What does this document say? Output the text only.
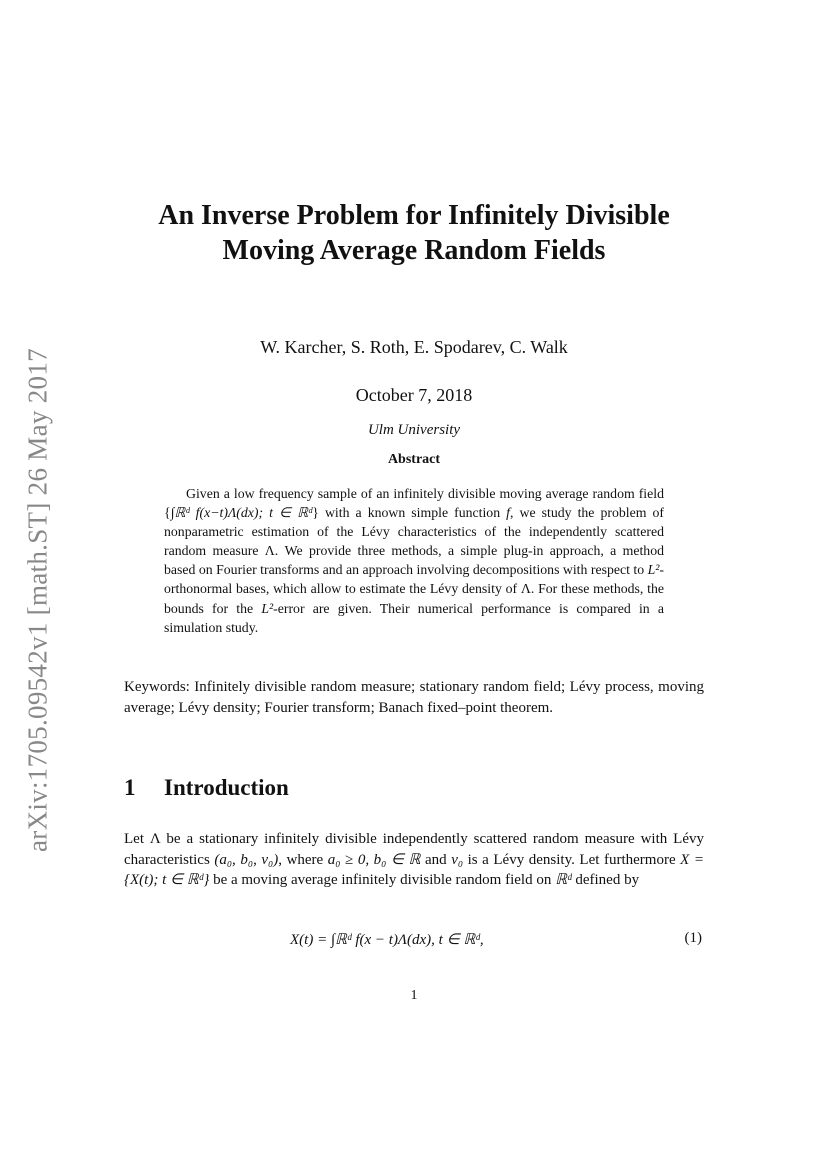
arXiv:1705.09542v1 [math.ST] 26 May 2017
An Inverse Problem for Infinitely Divisible Moving Average Random Fields
W. Karcher, S. Roth, E. Spodarev, C. Walk
October 7, 2018
Ulm University
Abstract
Given a low frequency sample of an infinitely divisible moving average random field {∫ℝᵈ f(x−t)Λ(dx); t ∈ ℝᵈ} with a known simple function f, we study the problem of nonparametric estimation of the Lévy characteristics of the independently scattered random measure Λ. We provide three methods, a simple plug-in approach, a method based on Fourier transforms and an approach involving decompositions with respect to L²-orthonormal bases, which allow to estimate the Lévy density of Λ. For these methods, the bounds for the L²-error are given. Their numerical performance is compared in a simulation study.
Keywords: Infinitely divisible random measure; stationary random field; Lévy process, moving average; Lévy density; Fourier transform; Banach fixed–point theorem.
1 Introduction
Let Λ be a stationary infinitely divisible independently scattered random measure with Lévy characteristics (a₀, b₀, v₀), where a₀ ≥ 0, b₀ ∈ ℝ and v₀ is a Lévy density. Let furthermore X = {X(t); t ∈ ℝᵈ} be a moving average infinitely divisible random field on ℝᵈ defined by
X(t) = ∫ℝᵈ f(x − t)Λ(dx), t ∈ ℝᵈ,	(1)
1
